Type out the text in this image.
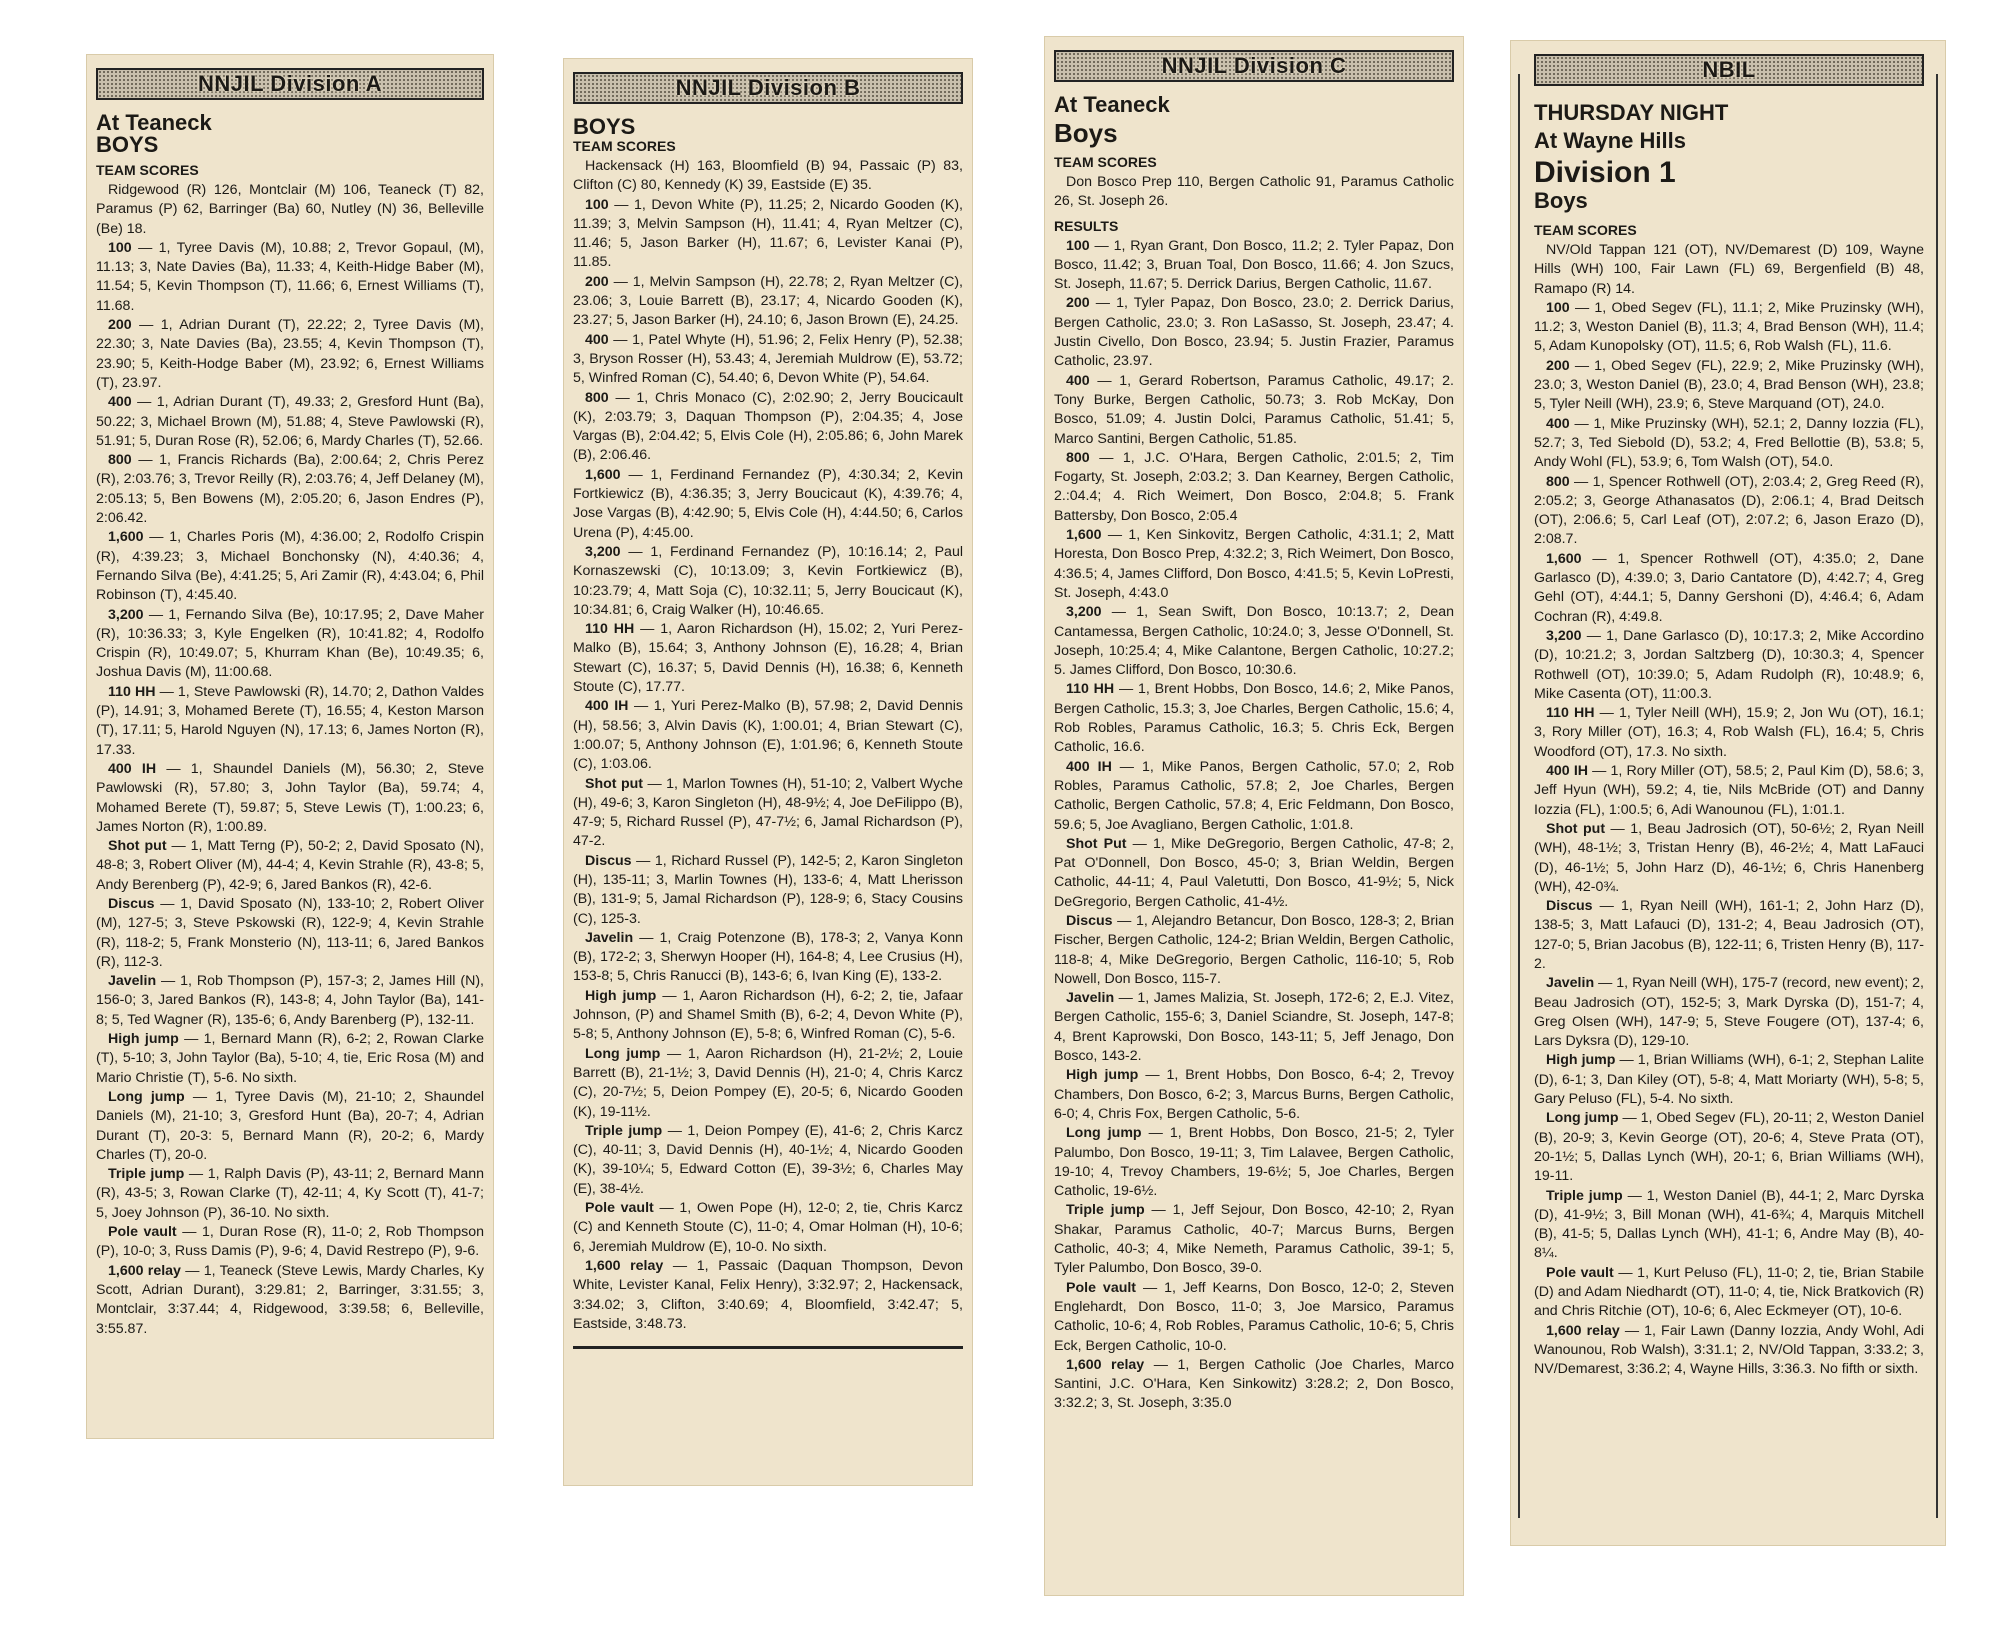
NNJIL Division A
At Teaneck
BOYS
TEAM SCORES

Ridgewood (R) 126, Montclair (M) 106, Teaneck (T) 82, Paramus (P) 62, Barringer (Ba) 60, Nutley (N) 36, Belleville (Be) 18.

100 — 1, Tyree Davis (M), 10.88; 2, Trevor Gopaul, (M), 11.13; 3, Nate Davies (Ba), 11.33; 4, Keith-Hidge Baber (M), 11.54; 5, Kevin Thompson (T), 11.66; 6, Ernest Williams (T), 11.68.

200 — 1, Adrian Durant (T), 22.22; 2, Tyree Davis (M), 22.30; 3, Nate Davies (Ba), 23.55; 4, Kevin Thompson (T), 23.90; 5, Keith-Hodge Baber (M), 23.92; 6, Ernest Williams (T), 23.97.

400 — 1, Adrian Durant (T), 49.33; 2, Gresford Hunt (Ba), 50.22; 3, Michael Brown (M), 51.88; 4, Steve Pawlowski (R), 51.91; 5, Duran Rose (R), 52.06; 6, Mardy Charles (T), 52.66.

800 — 1, Francis Richards (Ba), 2:00.64; 2, Chris Perez (R), 2:03.76; 3, Trevor Reilly (R), 2:03.76; 4, Jeff Delaney (M), 2:05.13; 5, Ben Bowens (M), 2:05.20; 6, Jason Endres (P), 2:06.42.

1,600 — 1, Charles Poris (M), 4:36.00; 2, Rodolfo Crispin (R), 4:39.23; 3, Michael Bonchonsky (N), 4:40.36; 4, Fernando Silva (Be), 4:41.25; 5, Ari Zamir (R), 4:43.04; 6, Phil Robinson (T), 4:45.40.

3,200 — 1, Fernando Silva (Be), 10:17.95; 2, Dave Maher (R), 10:36.33; 3, Kyle Engelken (R), 10:41.82; 4, Rodolfo Crispin (R), 10:49.07; 5, Khurram Khan (Be), 10:49.35; 6, Joshua Davis (M), 11:00.68.

110 HH — 1, Steve Pawlowski (R), 14.70; 2, Dathon Valdes (P), 14.91; 3, Mohamed Berete (T), 16.55; 4, Keston Marson (T), 17.11; 5, Harold Nguyen (N), 17.13; 6, James Norton (R), 17.33.

400 IH — 1, Shaundel Daniels (M), 56.30; 2, Steve Pawlowski (R), 57.80; 3, John Taylor (Ba), 59.74; 4, Mohamed Berete (T), 59.87; 5, Steve Lewis (T), 1:00.23; 6, James Norton (R), 1:00.89.

Shot put — 1, Matt Terng (P), 50-2; 2, David Sposato (N), 48-8; 3, Robert Oliver (M), 44-4; 4, Kevin Strahle (R), 43-8; 5, Andy Berenberg (P), 42-9; 6, Jared Bankos (R), 42-6.

Discus — 1, David Sposato (N), 133-10; 2, Robert Oliver (M), 127-5; 3, Steve Pskowski (R), 122-9; 4, Kevin Strahle (R), 118-2; 5, Frank Monsterio (N), 113-11; 6, Jared Bankos (R), 112-3.

Javelin — 1, Rob Thompson (P), 157-3; 2, James Hill (N), 156-0; 3, Jared Bankos (R), 143-8; 4, John Taylor (Ba), 141-8; 5, Ted Wagner (R), 135-6; 6, Andy Barenberg (P), 132-11.

High jump — 1, Bernard Mann (R), 6-2; 2, Rowan Clarke (T), 5-10; 3, John Taylor (Ba), 5-10; 4, tie, Eric Rosa (M) and Mario Christie (T), 5-6. No sixth.

Long jump — 1, Tyree Davis (M), 21-10; 2, Shaundel Daniels (M), 21-10; 3, Gresford Hunt (Ba), 20-7; 4, Adrian Durant (T), 20-3: 5, Bernard Mann (R), 20-2; 6, Mardy Charles (T), 20-0.

Triple jump — 1, Ralph Davis (P), 43-11; 2, Bernard Mann (R), 43-5; 3, Rowan Clarke (T), 42-11; 4, Ky Scott (T), 41-7; 5, Joey Johnson (P), 36-10. No sixth.

Pole vault — 1, Duran Rose (R), 11-0; 2, Rob Thompson (P), 10-0; 3, Russ Damis (P), 9-6; 4, David Restrepo (P), 9-6.

1,600 relay — 1, Teaneck (Steve Lewis, Mardy Charles, Ky Scott, Adrian Durant), 3:29.81; 2, Barringer, 3:31.55; 3, Montclair, 3:37.44; 4, Ridgewood, 3:39.58; 6, Belleville, 3:55.87.

NNJIL Division B
BOYS
TEAM SCORES

Hackensack (H) 163, Bloomfield (B) 94, Passaic (P) 83, Clifton (C) 80, Kennedy (K) 39, Eastside (E) 35.

100 — 1, Devon White (P), 11.25; 2, Nicardo Gooden (K), 11.39; 3, Melvin Sampson (H), 11.41; 4, Ryan Meltzer (C), 11.46; 5, Jason Barker (H), 11.67; 6, Levister Kanai (P), 11.85.

200 — 1, Melvin Sampson (H), 22.78; 2, Ryan Meltzer (C), 23.06; 3, Louie Barrett (B), 23.17; 4, Nicardo Gooden (K), 23.27; 5, Jason Barker (H), 24.10; 6, Jason Brown (E), 24.25.

400 — 1, Patel Whyte (H), 51.96; 2, Felix Henry (P), 52.38; 3, Bryson Rosser (H), 53.43; 4, Jeremiah Muldrow (E), 53.72; 5, Winfred Roman (C), 54.40; 6, Devon White (P), 54.64.

800 — 1, Chris Monaco (C), 2:02.90; 2, Jerry Boucicault (K), 2:03.79; 3, Daquan Thompson (P), 2:04.35; 4, Jose Vargas (B), 2:04.42; 5, Elvis Cole (H), 2:05.86; 6, John Marek (B), 2:06.46.

1,600 — 1, Ferdinand Fernandez (P), 4:30.34; 2, Kevin Fortkiewicz (B), 4:36.35; 3, Jerry Boucicaut (K), 4:39.76; 4, Jose Vargas (B), 4:42.90; 5, Elvis Cole (H), 4:44.50; 6, Carlos Urena (P), 4:45.00.

3,200 — 1, Ferdinand Fernandez (P), 10:16.14; 2, Paul Kornaszewski (C), 10:13.09; 3, Kevin Fortkiewicz (B), 10:23.79; 4, Matt Soja (C), 10:32.11; 5, Jerry Boucicaut (K), 10:34.81; 6, Craig Walker (H), 10:46.65.

110 HH — 1, Aaron Richardson (H), 15.02; 2, Yuri Perez-Malko (B), 15.64; 3, Anthony Johnson (E), 16.28; 4, Brian Stewart (C), 16.37; 5, David Dennis (H), 16.38; 6, Kenneth Stoute (C), 17.77.

400 IH — 1, Yuri Perez-Malko (B), 57.98; 2, David Dennis (H), 58.56; 3, Alvin Davis (K), 1:00.01; 4, Brian Stewart (C), 1:00.07; 5, Anthony Johnson (E), 1:01.96; 6, Kenneth Stoute (C), 1:03.06.

Shot put — 1, Marlon Townes (H), 51-10; 2, Valbert Wyche (H), 49-6; 3, Karon Singleton (H), 48-9½; 4, Joe DeFilippo (B), 47-9; 5, Richard Russel (P), 47-7½; 6, Jamal Richardson (P), 47-2.

Discus — 1, Richard Russel (P), 142-5; 2, Karon Singleton (H), 135-11; 3, Marlin Townes (H), 133-6; 4, Matt Lherisson (B), 131-9; 5, Jamal Richardson (P), 128-9; 6, Stacy Cousins (C), 125-3.

Javelin — 1, Craig Potenzone (B), 178-3; 2, Vanya Konn (B), 172-2; 3, Sherwyn Hooper (H), 164-8; 4, Lee Crusius (H), 153-8; 5, Chris Ranucci (B), 143-6; 6, Ivan King (E), 133-2.

High jump — 1, Aaron Richardson (H), 6-2; 2, tie, Jafaar Johnson, (P) and Shamel Smith (B), 6-2; 4, Devon White (P), 5-8; 5, Anthony Johnson (E), 5-8; 6, Winfred Roman (C), 5-6.

Long jump — 1, Aaron Richardson (H), 21-2½; 2, Louie Barrett (B), 21-1½; 3, David Dennis (H), 21-0; 4, Chris Karcz (C), 20-7½; 5, Deion Pompey (E), 20-5; 6, Nicardo Gooden (K), 19-11½.

Triple jump — 1, Deion Pompey (E), 41-6; 2, Chris Karcz (C), 40-11; 3, David Dennis (H), 40-1½; 4, Nicardo Gooden (K), 39-10¼; 5, Edward Cotton (E), 39-3½; 6, Charles May (E), 38-4½.

Pole vault — 1, Owen Pope (H), 12-0; 2, tie, Chris Karcz (C) and Kenneth Stoute (C), 11-0; 4, Omar Holman (H), 10-6; 6, Jeremiah Muldrow (E), 10-0. No sixth.

1,600 relay — 1, Passaic (Daquan Thompson, Devon White, Levister Kanal, Felix Henry), 3:32.97; 2, Hackensack, 3:34.02; 3, Clifton, 3:40.69; 4, Bloomfield, 3:42.47; 5, Eastside, 3:48.73.

NNJIL Division C
At Teaneck
Boys
TEAM SCORES

Don Bosco Prep 110, Bergen Catholic 91, Paramus Catholic 26, St. Joseph 26.

RESULTS

100 — 1, Ryan Grant, Don Bosco, 11.2; 2. Tyler Papaz, Don Bosco, 11.42; 3, Bruan Toal, Don Bosco, 11.66; 4. Jon Szucs, St. Joseph, 11.67; 5. Derrick Darius, Bergen Catholic, 11.67.

200 — 1, Tyler Papaz, Don Bosco, 23.0; 2. Derrick Darius, Bergen Catholic, 23.0; 3. Ron LaSasso, St. Joseph, 23.47; 4. Justin Civello, Don Bosco, 23.94; 5. Justin Frazier, Paramus Catholic, 23.97.

400 — 1, Gerard Robertson, Paramus Catholic, 49.17; 2. Tony Burke, Bergen Catholic, 50.73; 3. Rob McKay, Don Bosco, 51.09; 4. Justin Dolci, Paramus Catholic, 51.41; 5, Marco Santini, Bergen Catholic, 51.85.

800 — 1, J.C. O'Hara, Bergen Catholic, 2:01.5; 2, Tim Fogarty, St. Joseph, 2:03.2; 3. Dan Kearney, Bergen Catholic, 2.:04.4; 4. Rich Weimert, Don Bosco, 2:04.8; 5. Frank Battersby, Don Bosco, 2:05.4

1,600 — 1, Ken Sinkovitz, Bergen Catholic, 4:31.1; 2, Matt Horesta, Don Bosco Prep, 4:32.2; 3, Rich Weimert, Don Bosco, 4:36.5; 4, James Clifford, Don Bosco, 4:41.5; 5, Kevin LoPresti, St. Joseph, 4:43.0

3,200 — 1, Sean Swift, Don Bosco, 10:13.7; 2, Dean Cantamessa, Bergen Catholic, 10:24.0; 3, Jesse O'Donnell, St. Joseph, 10:25.4; 4, Mike Calantone, Bergen Catholic, 10:27.2; 5. James Clifford, Don Bosco, 10:30.6.

110 HH — 1, Brent Hobbs, Don Bosco, 14.6; 2, Mike Panos, Bergen Catholic, 15.3; 3, Joe Charles, Bergen Catholic, 15.6; 4, Rob Robles, Paramus Catholic, 16.3; 5. Chris Eck, Bergen Catholic, 16.6.

400 IH — 1, Mike Panos, Bergen Catholic, 57.0; 2, Rob Robles, Paramus Catholic, 57.8; 2, Joe Charles, Bergen Catholic, Bergen Catholic, 57.8; 4, Eric Feldmann, Don Bosco, 59.6; 5, Joe Avagliano, Bergen Catholic, 1:01.8.

Shot Put — 1, Mike DeGregorio, Bergen Catholic, 47-8; 2, Pat O'Donnell, Don Bosco, 45-0; 3, Brian Weldin, Bergen Catholic, 44-11; 4, Paul Valetutti, Don Bosco, 41-9½; 5, Nick DeGregorio, Bergen Catholic, 41-4½.

Discus — 1, Alejandro Betancur, Don Bosco, 128-3; 2, Brian Fischer, Bergen Catholic, 124-2; Brian Weldin, Bergen Catholic, 118-8; 4, Mike DeGregorio, Bergen Catholic, 116-10; 5, Rob Nowell, Don Bosco, 115-7.

Javelin — 1, James Malizia, St. Joseph, 172-6; 2, E.J. Vitez, Bergen Catholic, 155-6; 3, Daniel Sciandre, St. Joseph, 147-8; 4, Brent Kaprowski, Don Bosco, 143-11; 5, Jeff Jenago, Don Bosco, 143-2.

High jump — 1, Brent Hobbs, Don Bosco, 6-4; 2, Trevoy Chambers, Don Bosco, 6-2; 3, Marcus Burns, Bergen Catholic, 6-0; 4, Chris Fox, Bergen Catholic, 5-6.

Long jump — 1, Brent Hobbs, Don Bosco, 21-5; 2, Tyler Palumbo, Don Bosco, 19-11; 3, Tim Lalavee, Bergen Catholic, 19-10; 4, Trevoy Chambers, 19-6½; 5, Joe Charles, Bergen Catholic, 19-6½.

Triple jump — 1, Jeff Sejour, Don Bosco, 42-10; 2, Ryan Shakar, Paramus Catholic, 40-7; Marcus Burns, Bergen Catholic, 40-3; 4, Mike Nemeth, Paramus Catholic, 39-1; 5, Tyler Palumbo, Don Bosco, 39-0.

Pole vault — 1, Jeff Kearns, Don Bosco, 12-0; 2, Steven Englehardt, Don Bosco, 11-0; 3, Joe Marsico, Paramus Catholic, 10-6; 4, Rob Robles, Paramus Catholic, 10-6; 5, Chris Eck, Bergen Catholic, 10-0.

1,600 relay — 1, Bergen Catholic (Joe Charles, Marco Santini, J.C. O'Hara, Ken Sinkowitz) 3:28.2; 2, Don Bosco, 3:32.2; 3, St. Joseph, 3:35.0

NBIL
THURSDAY NIGHT
At Wayne Hills
Division 1
Boys
TEAM SCORES

NV/Old Tappan 121 (OT), NV/Demarest (D) 109, Wayne Hills (WH) 100, Fair Lawn (FL) 69, Bergenfield (B) 48, Ramapo (R) 14.

100 — 1, Obed Segev (FL), 11.1; 2, Mike Pruzinsky (WH), 11.2; 3, Weston Daniel (B), 11.3; 4, Brad Benson (WH), 11.4; 5, Adam Kunopolsky (OT), 11.5; 6, Rob Walsh (FL), 11.6.

200 — 1, Obed Segev (FL), 22.9; 2, Mike Pruzinsky (WH), 23.0; 3, Weston Daniel (B), 23.0; 4, Brad Benson (WH), 23.8; 5, Tyler Neill (WH), 23.9; 6, Steve Marquand (OT), 24.0.

400 — 1, Mike Pruzinsky (WH), 52.1; 2, Danny Iozzia (FL), 52.7; 3, Ted Siebold (D), 53.2; 4, Fred Bellottie (B), 53.8; 5, Andy Wohl (FL), 53.9; 6, Tom Walsh (OT), 54.0.

800 — 1, Spencer Rothwell (OT), 2:03.4; 2, Greg Reed (R), 2:05.2; 3, George Athanasatos (D), 2:06.1; 4, Brad Deitsch (OT), 2:06.6; 5, Carl Leaf (OT), 2:07.2; 6, Jason Erazo (D), 2:08.7.

1,600 — 1, Spencer Rothwell (OT), 4:35.0; 2, Dane Garlasco (D), 4:39.0; 3, Dario Cantatore (D), 4:42.7; 4, Greg Gehl (OT), 4:44.1; 5, Danny Gershoni (D), 4:46.4; 6, Adam Cochran (R), 4:49.8.

3,200 — 1, Dane Garlasco (D), 10:17.3; 2, Mike Accordino (D), 10:21.2; 3, Jordan Saltzberg (D), 10:30.3; 4, Spencer Rothwell (OT), 10:39.0; 5, Adam Rudolph (R), 10:48.9; 6, Mike Casenta (OT), 11:00.3.

110 HH — 1, Tyler Neill (WH), 15.9; 2, Jon Wu (OT), 16.1; 3, Rory Miller (OT), 16.3; 4, Rob Walsh (FL), 16.4; 5, Chris Woodford (OT), 17.3. No sixth.

400 IH — 1, Rory Miller (OT), 58.5; 2, Paul Kim (D), 58.6; 3, Jeff Hyun (WH), 59.2; 4, tie, Nils McBride (OT) and Danny Iozzia (FL), 1:00.5; 6, Adi Wanounou (FL), 1:01.1.

Shot put — 1, Beau Jadrosich (OT), 50-6½; 2, Ryan Neill (WH), 48-1½; 3, Tristan Henry (B), 46-2½; 4, Matt LaFauci (D), 46-1½; 5, John Harz (D), 46-1½; 6, Chris Hanenberg (WH), 42-0¾.

Discus — 1, Ryan Neill (WH), 161-1; 2, John Harz (D), 138-5; 3, Matt Lafauci (D), 131-2; 4, Beau Jadrosich (OT), 127-0; 5, Brian Jacobus (B), 122-11; 6, Tristen Henry (B), 117-2.

Javelin — 1, Ryan Neill (WH), 175-7 (record, new event); 2, Beau Jadrosich (OT), 152-5; 3, Mark Dyrska (D), 151-7; 4, Greg Olsen (WH), 147-9; 5, Steve Fougere (OT), 137-4; 6, Lars Dyksra (D), 129-10.

High jump — 1, Brian Williams (WH), 6-1; 2, Stephan Lalite (D), 6-1; 3, Dan Kiley (OT), 5-8; 4, Matt Moriarty (WH), 5-8; 5, Gary Peluso (FL), 5-4. No sixth.

Long jump — 1, Obed Segev (FL), 20-11; 2, Weston Daniel (B), 20-9; 3, Kevin George (OT), 20-6; 4, Steve Prata (OT), 20-1½; 5, Dallas Lynch (WH), 20-1; 6, Brian Williams (WH), 19-11.

Triple jump — 1, Weston Daniel (B), 44-1; 2, Marc Dyrska (D), 41-9½; 3, Bill Monan (WH), 41-6¾; 4, Marquis Mitchell (B), 41-5; 5, Dallas Lynch (WH), 41-1; 6, Andre May (B), 40-8¼.

Pole vault — 1, Kurt Peluso (FL), 11-0; 2, tie, Brian Stabile (D) and Adam Niedhardt (OT), 11-0; 4, tie, Nick Bratkovich (R) and Chris Ritchie (OT), 10-6; 6, Alec Eckmeyer (OT), 10-6.

1,600 relay — 1, Fair Lawn (Danny Iozzia, Andy Wohl, Adi Wanounou, Rob Walsh), 3:31.1; 2, NV/Old Tappan, 3:33.2; 3, NV/Demarest, 3:36.2; 4, Wayne Hills, 3:36.3. No fifth or sixth.
